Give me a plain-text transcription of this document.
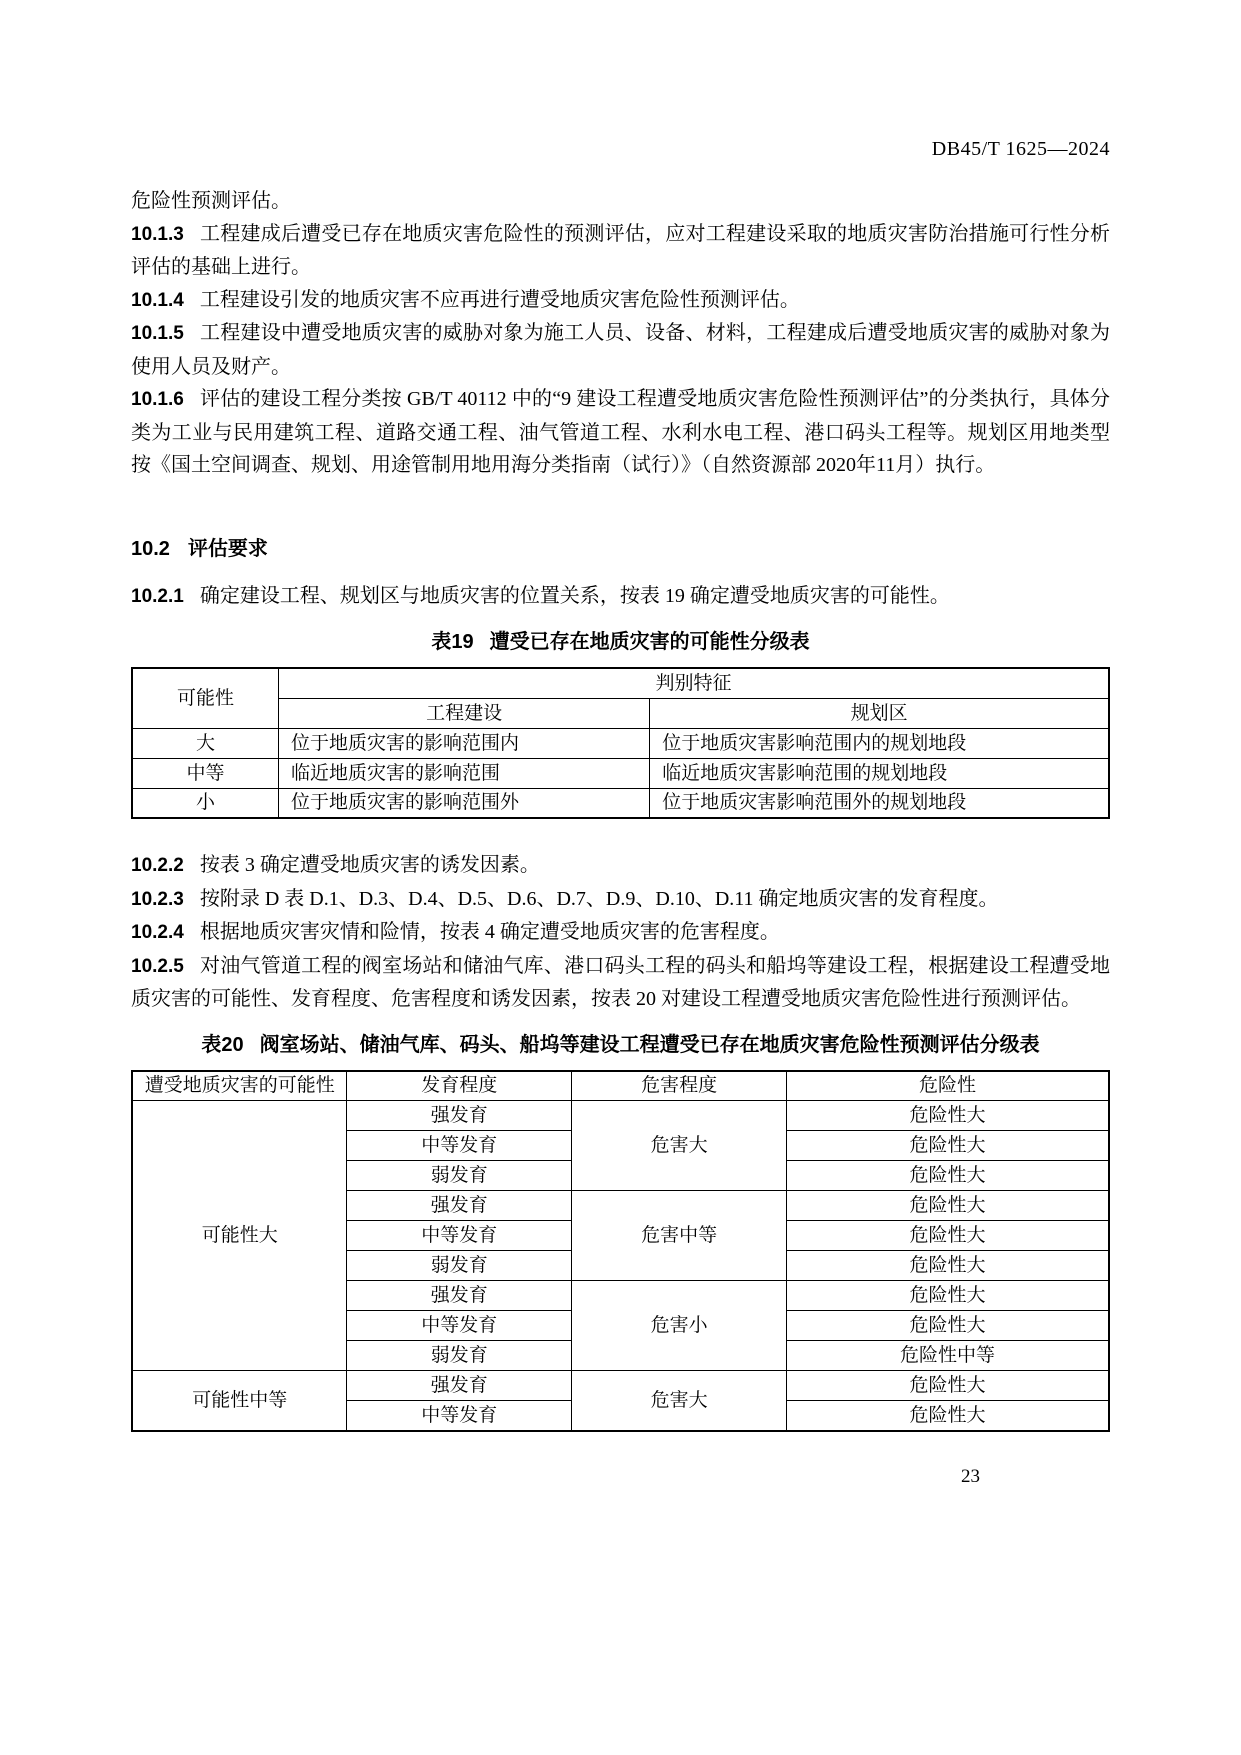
DB45/T 1625—2024

危险性预测评估。

10.1.3 工程建成后遭受已存在地质灾害危险性的预测评估，应对工程建设采取的地质灾害防治措施可行性分析评估的基础上进行。

10.1.4 工程建设引发的地质灾害不应再进行遭受地质灾害危险性预测评估。

10.1.5 工程建设中遭受地质灾害的威胁对象为施工人员、设备、材料，工程建成后遭受地质灾害的威胁对象为使用人员及财产。

10.1.6 评估的建设工程分类按 GB/T 40112 中的“9 建设工程遭受地质灾害危险性预测评估”的分类执行，具体分类为工业与民用建筑工程、道路交通工程、油气管道工程、水利水电工程、港口码头工程等。规划区用地类型按《国土空间调查、规划、用途管制用地用海分类指南（试行）》（自然资源部 2020年11月）执行。

10.2 评估要求

10.2.1 确定建设工程、规划区与地质灾害的位置关系，按表 19 确定遭受地质灾害的可能性。

表19 遭受已存在地质灾害的可能性分级表
可能性	判别特征	
	工程建设	规划区
大	位于地质灾害的影响范围内	位于地质灾害影响范围内的规划地段
中等	临近地质灾害的影响范围	临近地质灾害影响范围的规划地段
小	位于地质灾害的影响范围外	位于地质灾害影响范围外的规划地段

10.2.2 按表 3 确定遭受地质灾害的诱发因素。

10.2.3 按附录 D 表 D.1、D.3、D.4、D.5、D.6、D.7、D.9、D.10、D.11 确定地质灾害的发育程度。

10.2.4 根据地质灾害灾情和险情，按表 4 确定遭受地质灾害的危害程度。

10.2.5 对油气管道工程的阀室场站和储油气库、港口码头工程的码头和船坞等建设工程，根据建设工程遭受地质灾害的可能性、发育程度、危害程度和诱发因素，按表 20 对建设工程遭受地质灾害危险性进行预测评估。

表20 阀室场站、储油气库、码头、船坞等建设工程遭受已存在地质灾害危险性预测评估分级表
遭受地质灾害的可能性	发育程度	危害程度	危险性
可能性大	强发育	危害大	危险性大
	中等发育		危险性大
	弱发育		危险性大
	强发育	危害中等	危险性大
	中等发育		危险性大
	弱发育		危险性大
	强发育	危害小	危险性大
	中等发育		危险性大
	弱发育		危险性中等
可能性中等	强发育	危害大	危险性大
	中等发育		危险性大
23
